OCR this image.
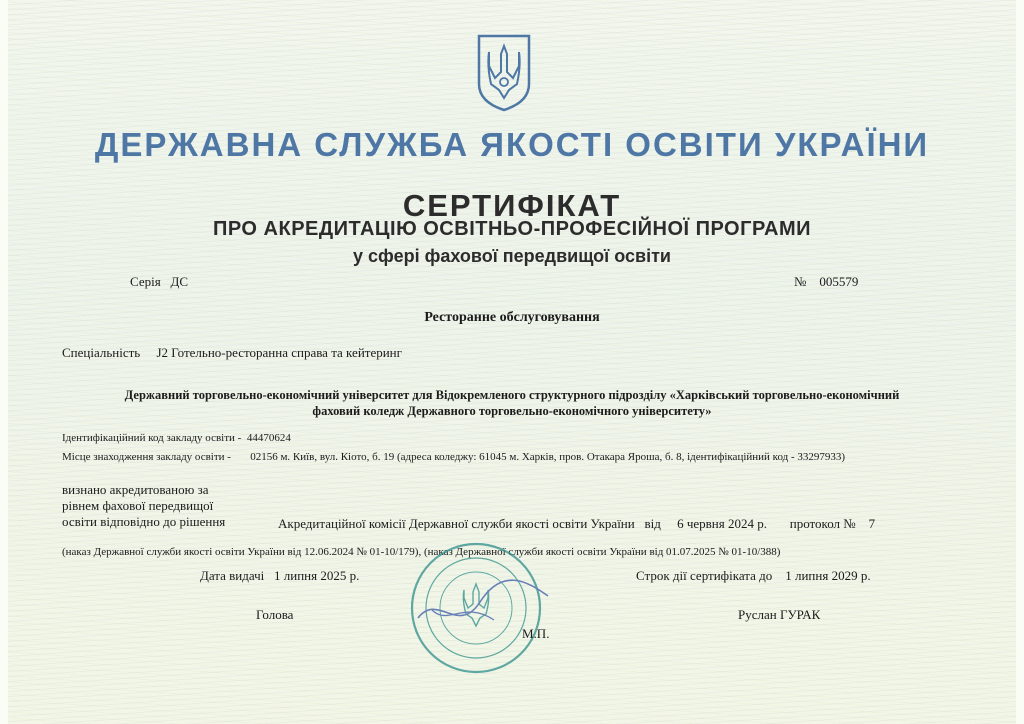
ДЕРЖАВНА СЛУЖБА ЯКОСТІ ОСВІТИ УКРАЇНИ
СЕРТИФІКАТ
ПРО АКРЕДИТАЦІЮ ОСВІТНЬО-ПРОФЕСІЙНОЇ ПРОГРАМИ
у сфері фахової передвищої освіти
Серія ДС	№ 005579
Ресторанне обслуговування
Спеціальність J2 Готельно-ресторанна справа та кейтеринг
Державний торговельно-економічний університет для Відокремленого структурного підрозділу «Харківський торговельно-економічний
фаховий коледж Державного торговельно-економічного університету»
Ідентифікаційний код закладу освіти - 44470624
Місце знаходження закладу освіти - 02156 м. Київ, вул. Кіото, б. 19 (адреса коледжу: 61045 м. Харків, пров. Отакара Яроша, б. 8, ідентифікаційний код - 33297933)
визнано акредитованою за
рівнем фахової передвищої
освіти відповідно до рішення	Акредитаційної комісії Державної служби якості освіти України від 6 червня 2024 р. протокол № 7
(наказ Державної служби якості освіти України від 12.06.2024 № 01-10/179), (наказ Державної служби якості освіти України від 01.07.2025 № 01-10/388)
Дата видачі 1 липня 2025 р.	Строк дії сертифіката до 1 липня 2029 р.
Голова
М.П.
Руслан ГУРАК
